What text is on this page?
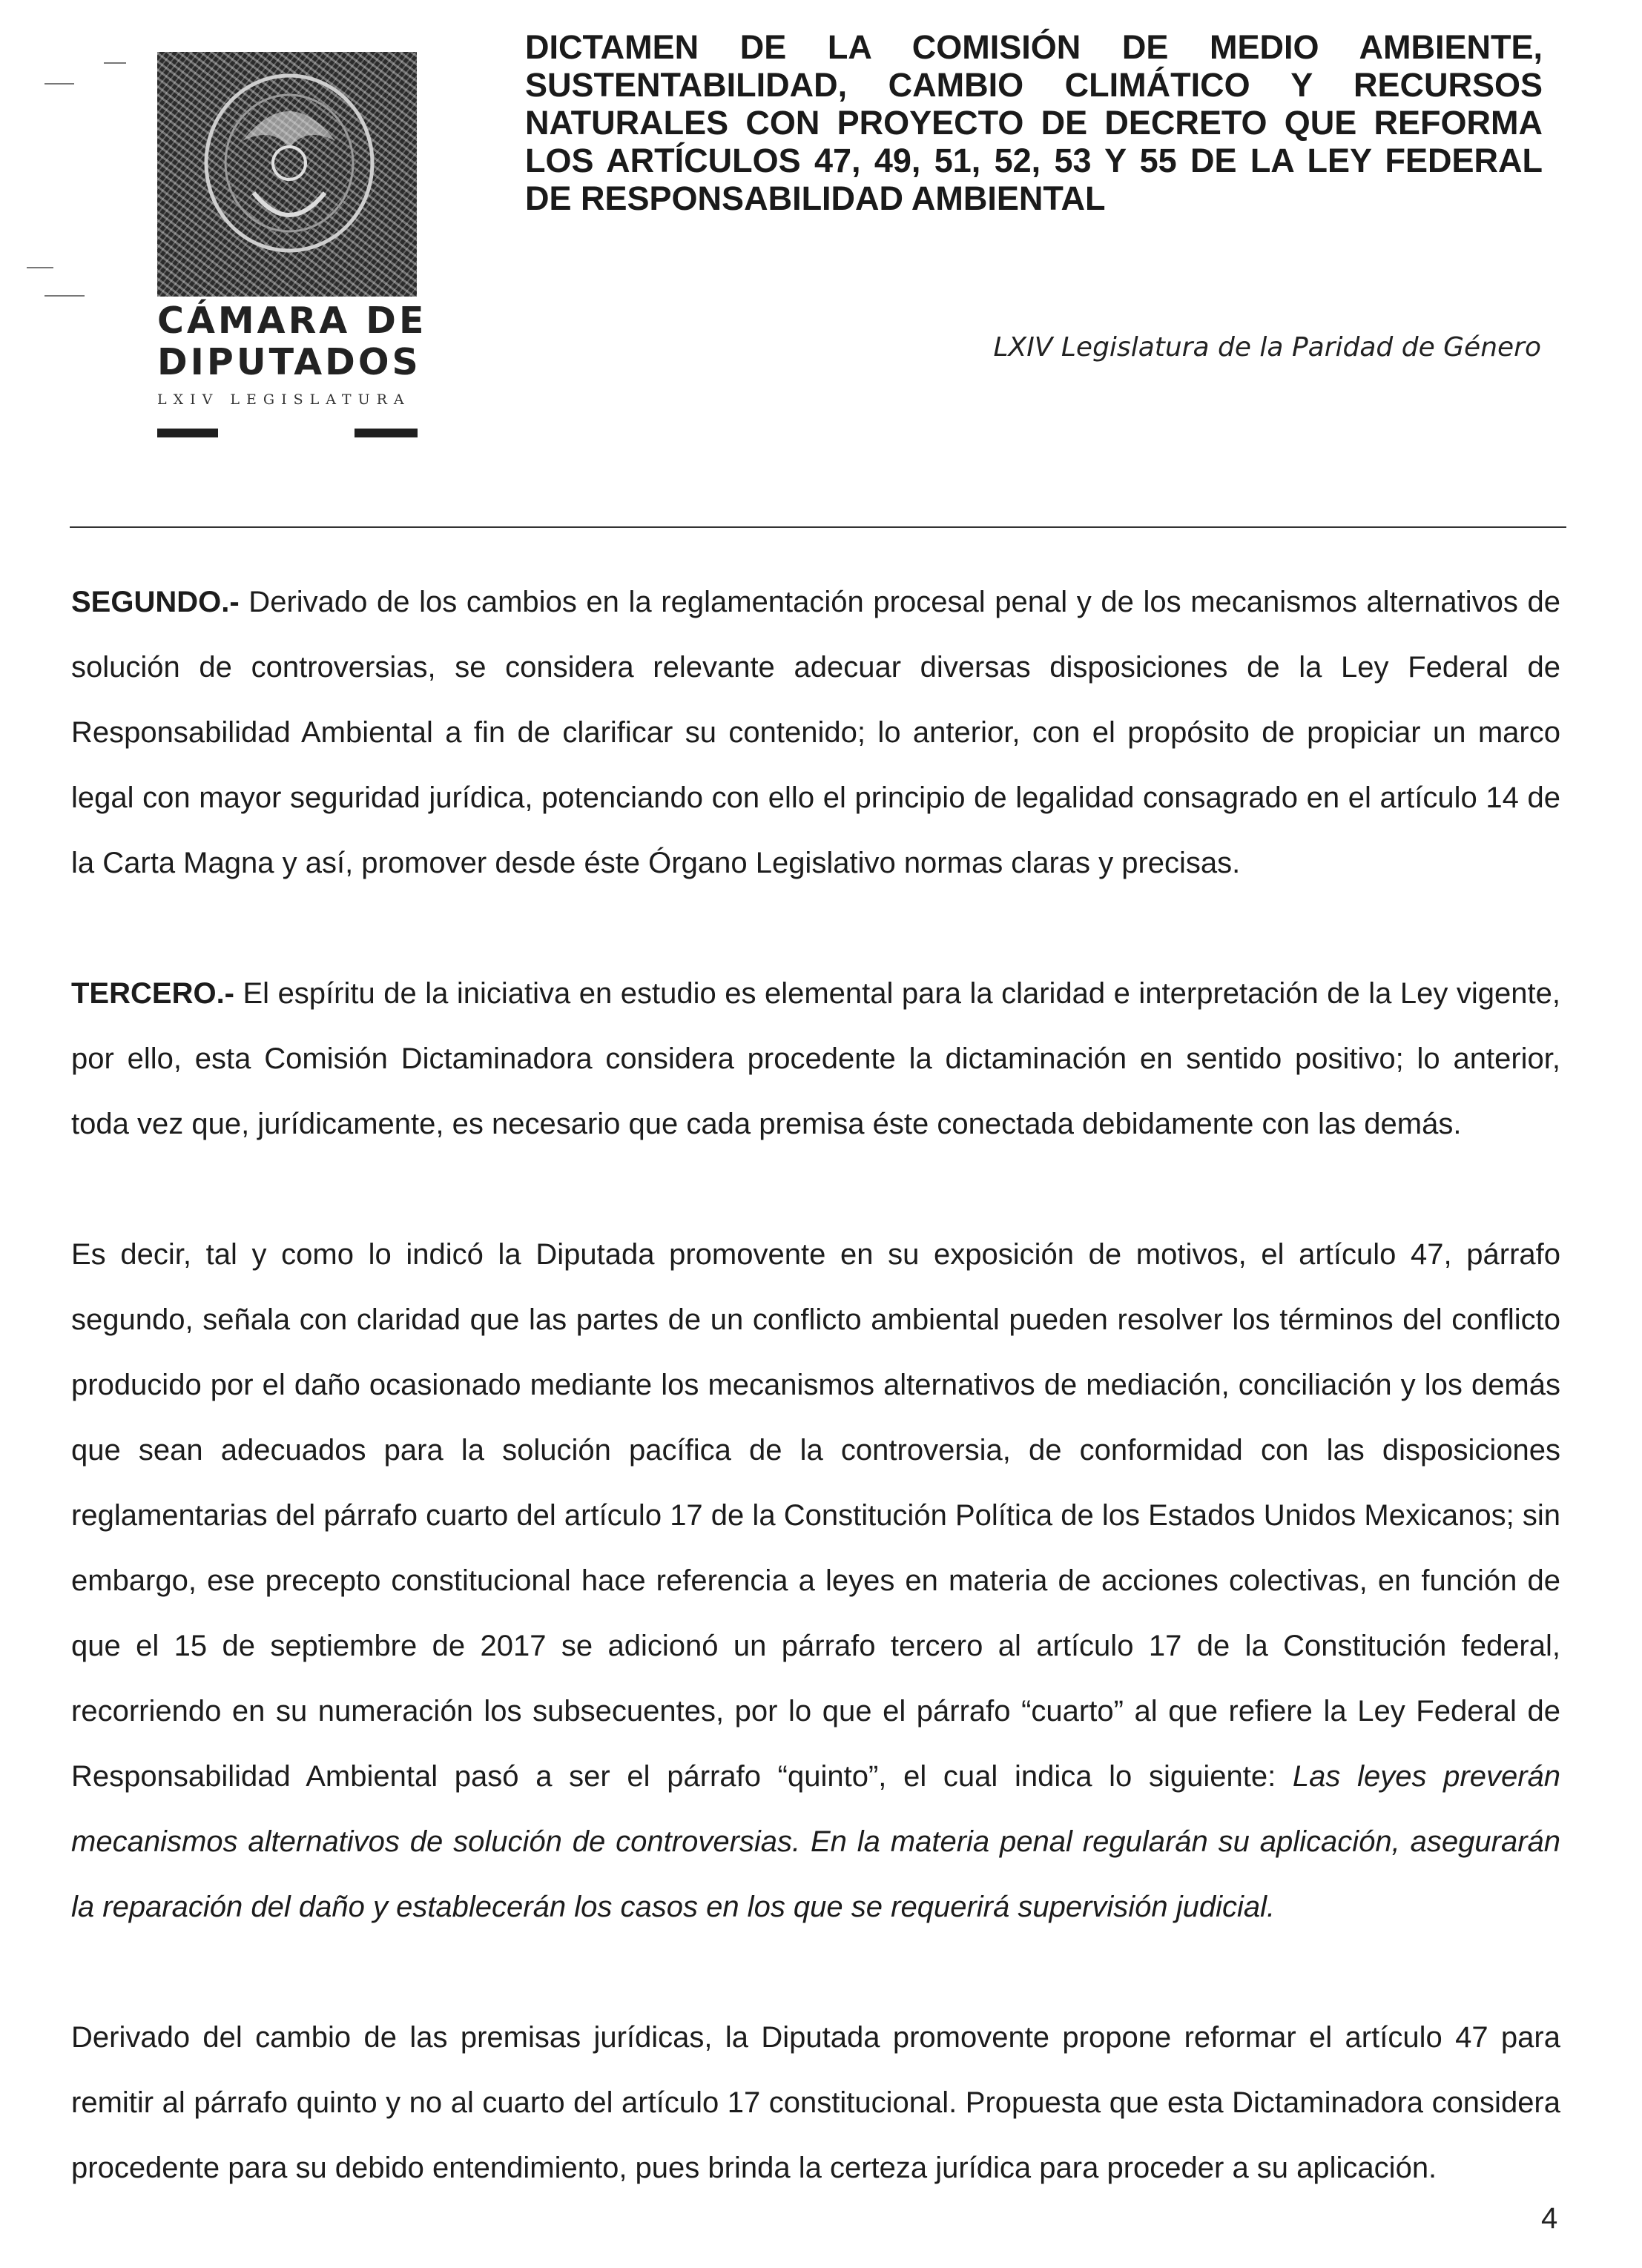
CÁMARA DE
DIPUTADOS
LXIV LEGISLATURA
DICTAMEN DE LA COMISIÓN DE MEDIO AMBIENTE, SUSTENTABILIDAD, CAMBIO CLIMÁTICO Y RECURSOS NATURALES CON PROYECTO DE DECRETO QUE REFORMA LOS ARTÍCULOS 47, 49, 51, 52, 53 Y 55 DE LA LEY FEDERAL DE RESPONSABILIDAD AMBIENTAL
LXIV Legislatura de la Paridad de Género

SEGUNDO.- Derivado de los cambios en la reglamentación procesal penal y de los mecanismos alternativos de solución de controversias, se considera relevante adecuar diversas disposiciones de la Ley Federal de Responsabilidad Ambiental a fin de clarificar su contenido; lo anterior, con el propósito de propiciar un marco legal con mayor seguridad jurídica, potenciando con ello el principio de legalidad consagrado en el artículo 14 de la Carta Magna y así, promover desde éste Órgano Legislativo normas claras y precisas.

TERCERO.- El espíritu de la iniciativa en estudio es elemental para la claridad e interpretación de la Ley vigente, por ello, esta Comisión Dictaminadora considera procedente la dictaminación en sentido positivo; lo anterior, toda vez que, jurídicamente, es necesario que cada premisa éste conectada debidamente con las demás.

Es decir, tal y como lo indicó la Diputada promovente en su exposición de motivos, el artículo 47, párrafo segundo, señala con claridad que las partes de un conflicto ambiental pueden resolver los términos del conflicto producido por el daño ocasionado mediante los mecanismos alternativos de mediación, conciliación y los demás que sean adecuados para la solución pacífica de la controversia, de conformidad con las disposiciones reglamentarias del párrafo cuarto del artículo 17 de la Constitución Política de los Estados Unidos Mexicanos; sin embargo, ese precepto constitucional hace referencia a leyes en materia de acciones colectivas, en función de que el 15 de septiembre de 2017 se adicionó un párrafo tercero al artículo 17 de la Constitución federal, recorriendo en su numeración los subsecuentes, por lo que el párrafo “cuarto” al que refiere la Ley Federal de Responsabilidad Ambiental pasó a ser el párrafo “quinto”, el cual indica lo siguiente: Las leyes preverán mecanismos alternativos de solución de controversias. En la materia penal regularán su aplicación, asegurarán la reparación del daño y establecerán los casos en los que se requerirá supervisión judicial.

Derivado del cambio de las premisas jurídicas, la Diputada promovente propone reformar el artículo 47 para remitir al párrafo quinto y no al cuarto del artículo 17 constitucional. Propuesta que esta Dictaminadora considera procedente para su debido entendimiento, pues brinda la certeza jurídica para proceder a su aplicación.

4
